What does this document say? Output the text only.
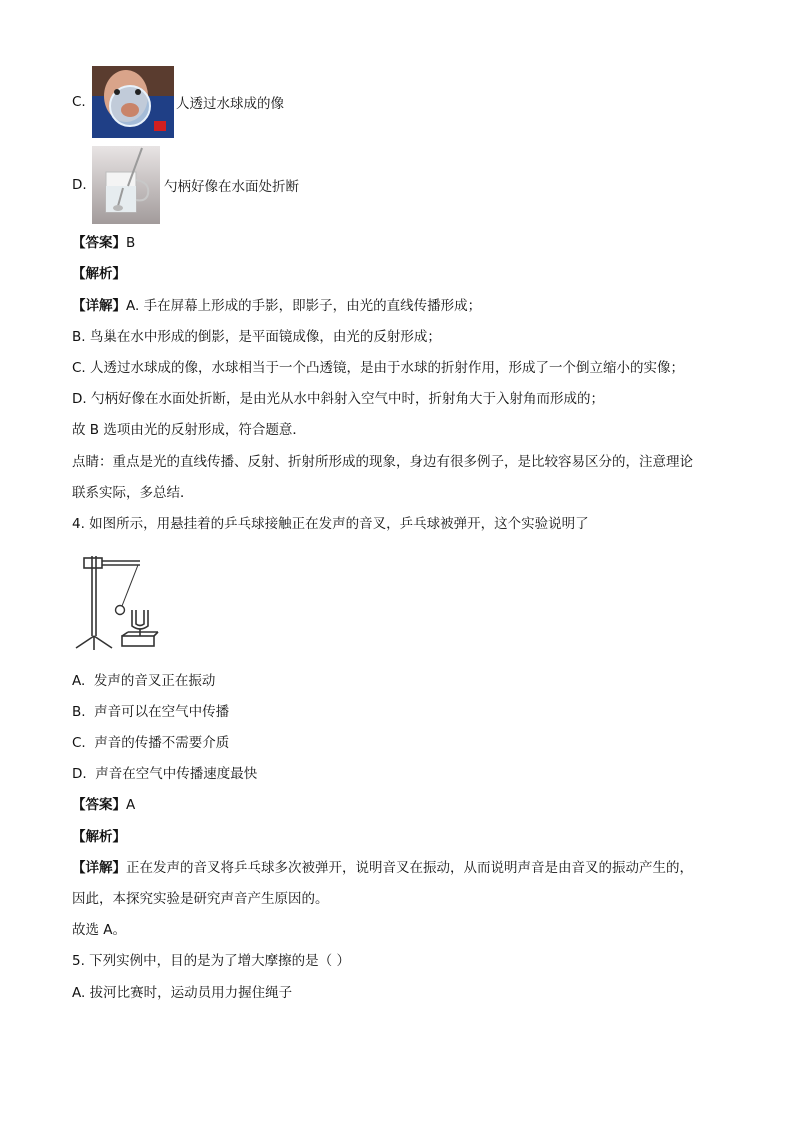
C.	人透过水球成的像
D.	勺柄好像在水面处折断
【答案】B
【解析】
【详解】A. 手在屏幕上形成的手影，即影子，由光的直线传播形成；
B. 鸟巢在水中形成的倒影，是平面镜成像，由光的反射形成；
C. 人透过水球成的像，水球相当于一个凸透镜，是由于水球的折射作用，形成了一个倒立缩小的实像；
D. 勺柄好像在水面处折断，是由光从水中斜射入空气中时，折射角大于入射角而形成的；
故 B 选项由光的反射形成，符合题意．
点睛：重点是光的直线传播、反射、折射所形成的现象，身边有很多例子，是比较容易区分的，注意理论
联系实际，多总结．
4. 如图所示，用悬挂着的乒乓球接触正在发声的音叉，乒乓球被弹开，这个实验说明了
A. 发声的音叉正在振动
B. 声音可以在空气中传播
C. 声音的传播不需要介质
D. 声音在空气中传播速度最快
【答案】A
【解析】
【详解】正在发声的音叉将乒乓球多次被弹开，说明音叉在振动，从而说明声音是由音叉的振动产生的，
因此，本探究实验是研究声音产生原因的。
故选 A。
5. 下列实例中，目的是为了增大摩擦的是（ ）
A. 拔河比赛时，运动员用力握住绳子
